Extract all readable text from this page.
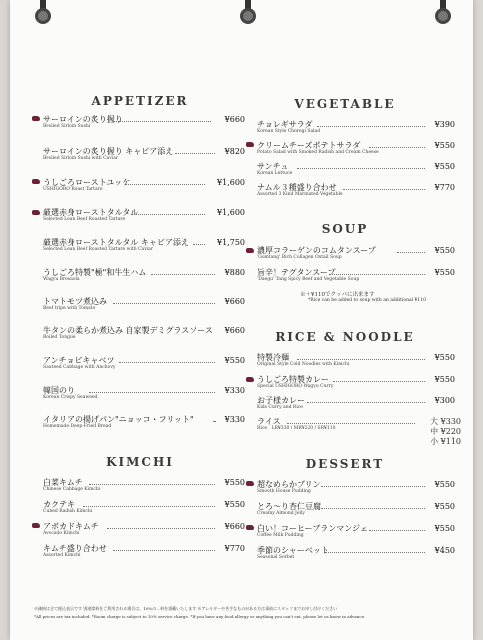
APPETIZER
サーロインの炙り握り
Broiled Sirloin Sushi
¥660
サーロインの炙り握り キャビア添え
Broiled Sirloin Sushi with Caviar
¥820
うしごろローストユッケ
USHIGORO Roast Tartare
¥1,600
厳選赤身ローストタルタル
Selected Lean Beef Roasted Tartare
¥1,600
厳選赤身ローストタルタル キャビア添え
Selected Lean Beef Roasted Tartare with Caviar
¥1,750
うしごろ特製"極"和牛生ハム
Wagyu Bresaola
¥880
トマトモツ煮込み
Beef tripe with Tomato
¥660
牛タンの柔らか煮込み 自家製デミグラスソース
Boiled Tongue
¥660
アンチョビキャベツ
Sauteed Cabbage with Anchovy
¥550
韓国のり
Korean Crispy Seaweed
¥330
イタリアの揚げパン"ニョッコ・フリット"
Homemade Deep-Fried Bread
¥330
KIMCHI
白菜キムチ
Chinese Cabbage Kimchi
¥550
カクテキ
Cubed Radish Kimchi
¥550
アボカドキムチ
Avocado Kimchi
¥660
キムチ盛り合わせ
Assorted Kimchi
¥770
VEGETABLE
チョレギサラダ
Korean Style Choregi Salad
¥390
クリームチーズポテトサラダ
Potato Salad with Smoked Radish and Cream Cheese
¥550
サンチュ
Korean Lettuce
¥550
ナムル３種盛り合わせ
Assorted 3 Kind Marinated Vegetable
¥770
SOUP
濃厚コラーゲンのコムタンスープ
'Gomtang' Rich Collagen Oxtail Soup
¥550
旨辛！テグタンスープ
'Daegu' Tang Spicy Beef and Vegetable Soup
¥550
※＋¥110でクッパに出来ます
*Rice can be added to soup with an additional ¥110
RICE & NOODLE
特製冷麺
Original Style Cold Noodles with Kimchi
¥550
うしごろ特製カレー
Special USHIGORO Wagyu Curry
¥550
お子様カレー
Kids Curry and Rice
¥300
ライス
Rice　LR¥330 / MR¥220 / SR¥110
大 ¥330
中 ¥220
小 ¥110
DESSERT
超なめらかプリン
Smooth House Pudding
¥550
とろ～り杏仁豆腐
Creamy Almond Jelly
¥550
白い！コーヒーブランマンジェ
Coffee Milk Pudding
¥550
季節のシャーベット
Seasonal Sorbet
¥450
※価格は全て税込表示です 別途席料をご利用される場合は、10%の…料を頂戴いたします ※アレルギーや苦手なものがある方は事前にスタッフまでお申し付けください
*All prices are tax included. *Room charge is subject to 10% service charge. *If you have any food allergy or anything you can't eat, please let us know in advance.
